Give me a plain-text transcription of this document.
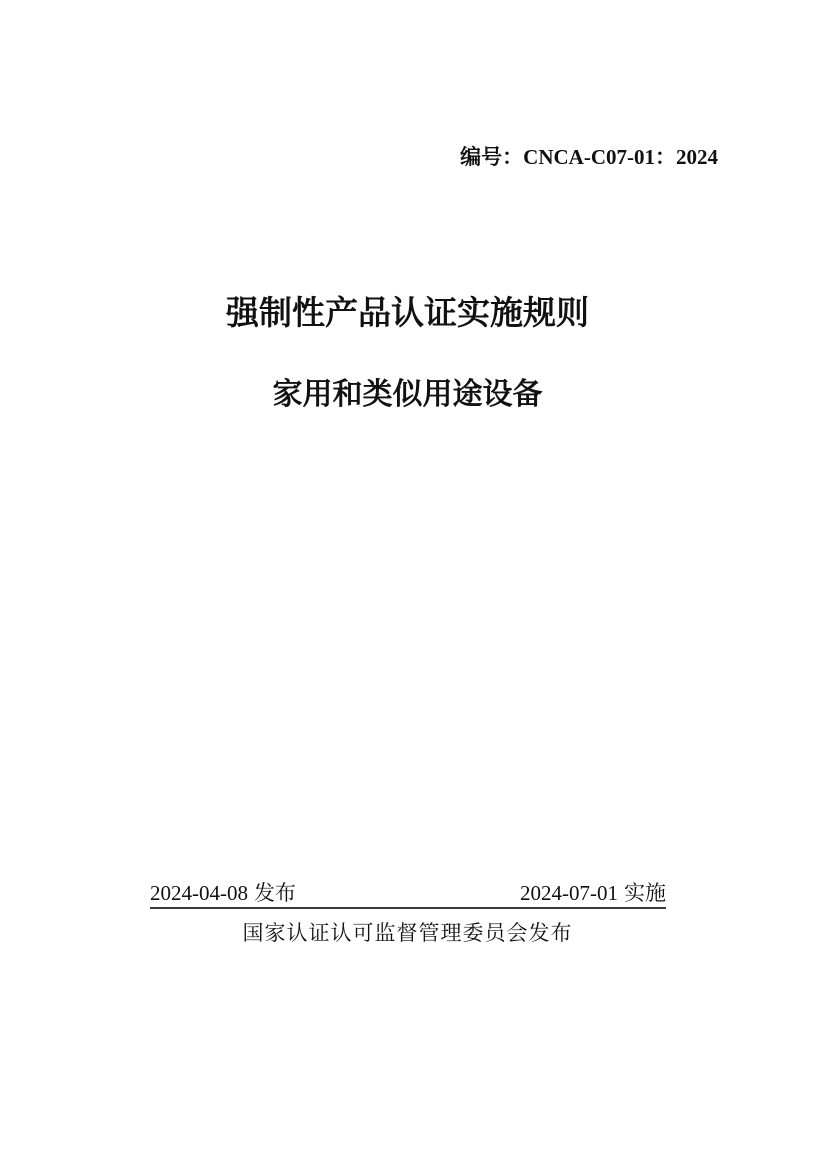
编号：CNCA-C07-01：2024
强制性产品认证实施规则
家用和类似用途设备
2024-04-08 发布	2024-07-01 实施
国家认证认可监督管理委员会发布
